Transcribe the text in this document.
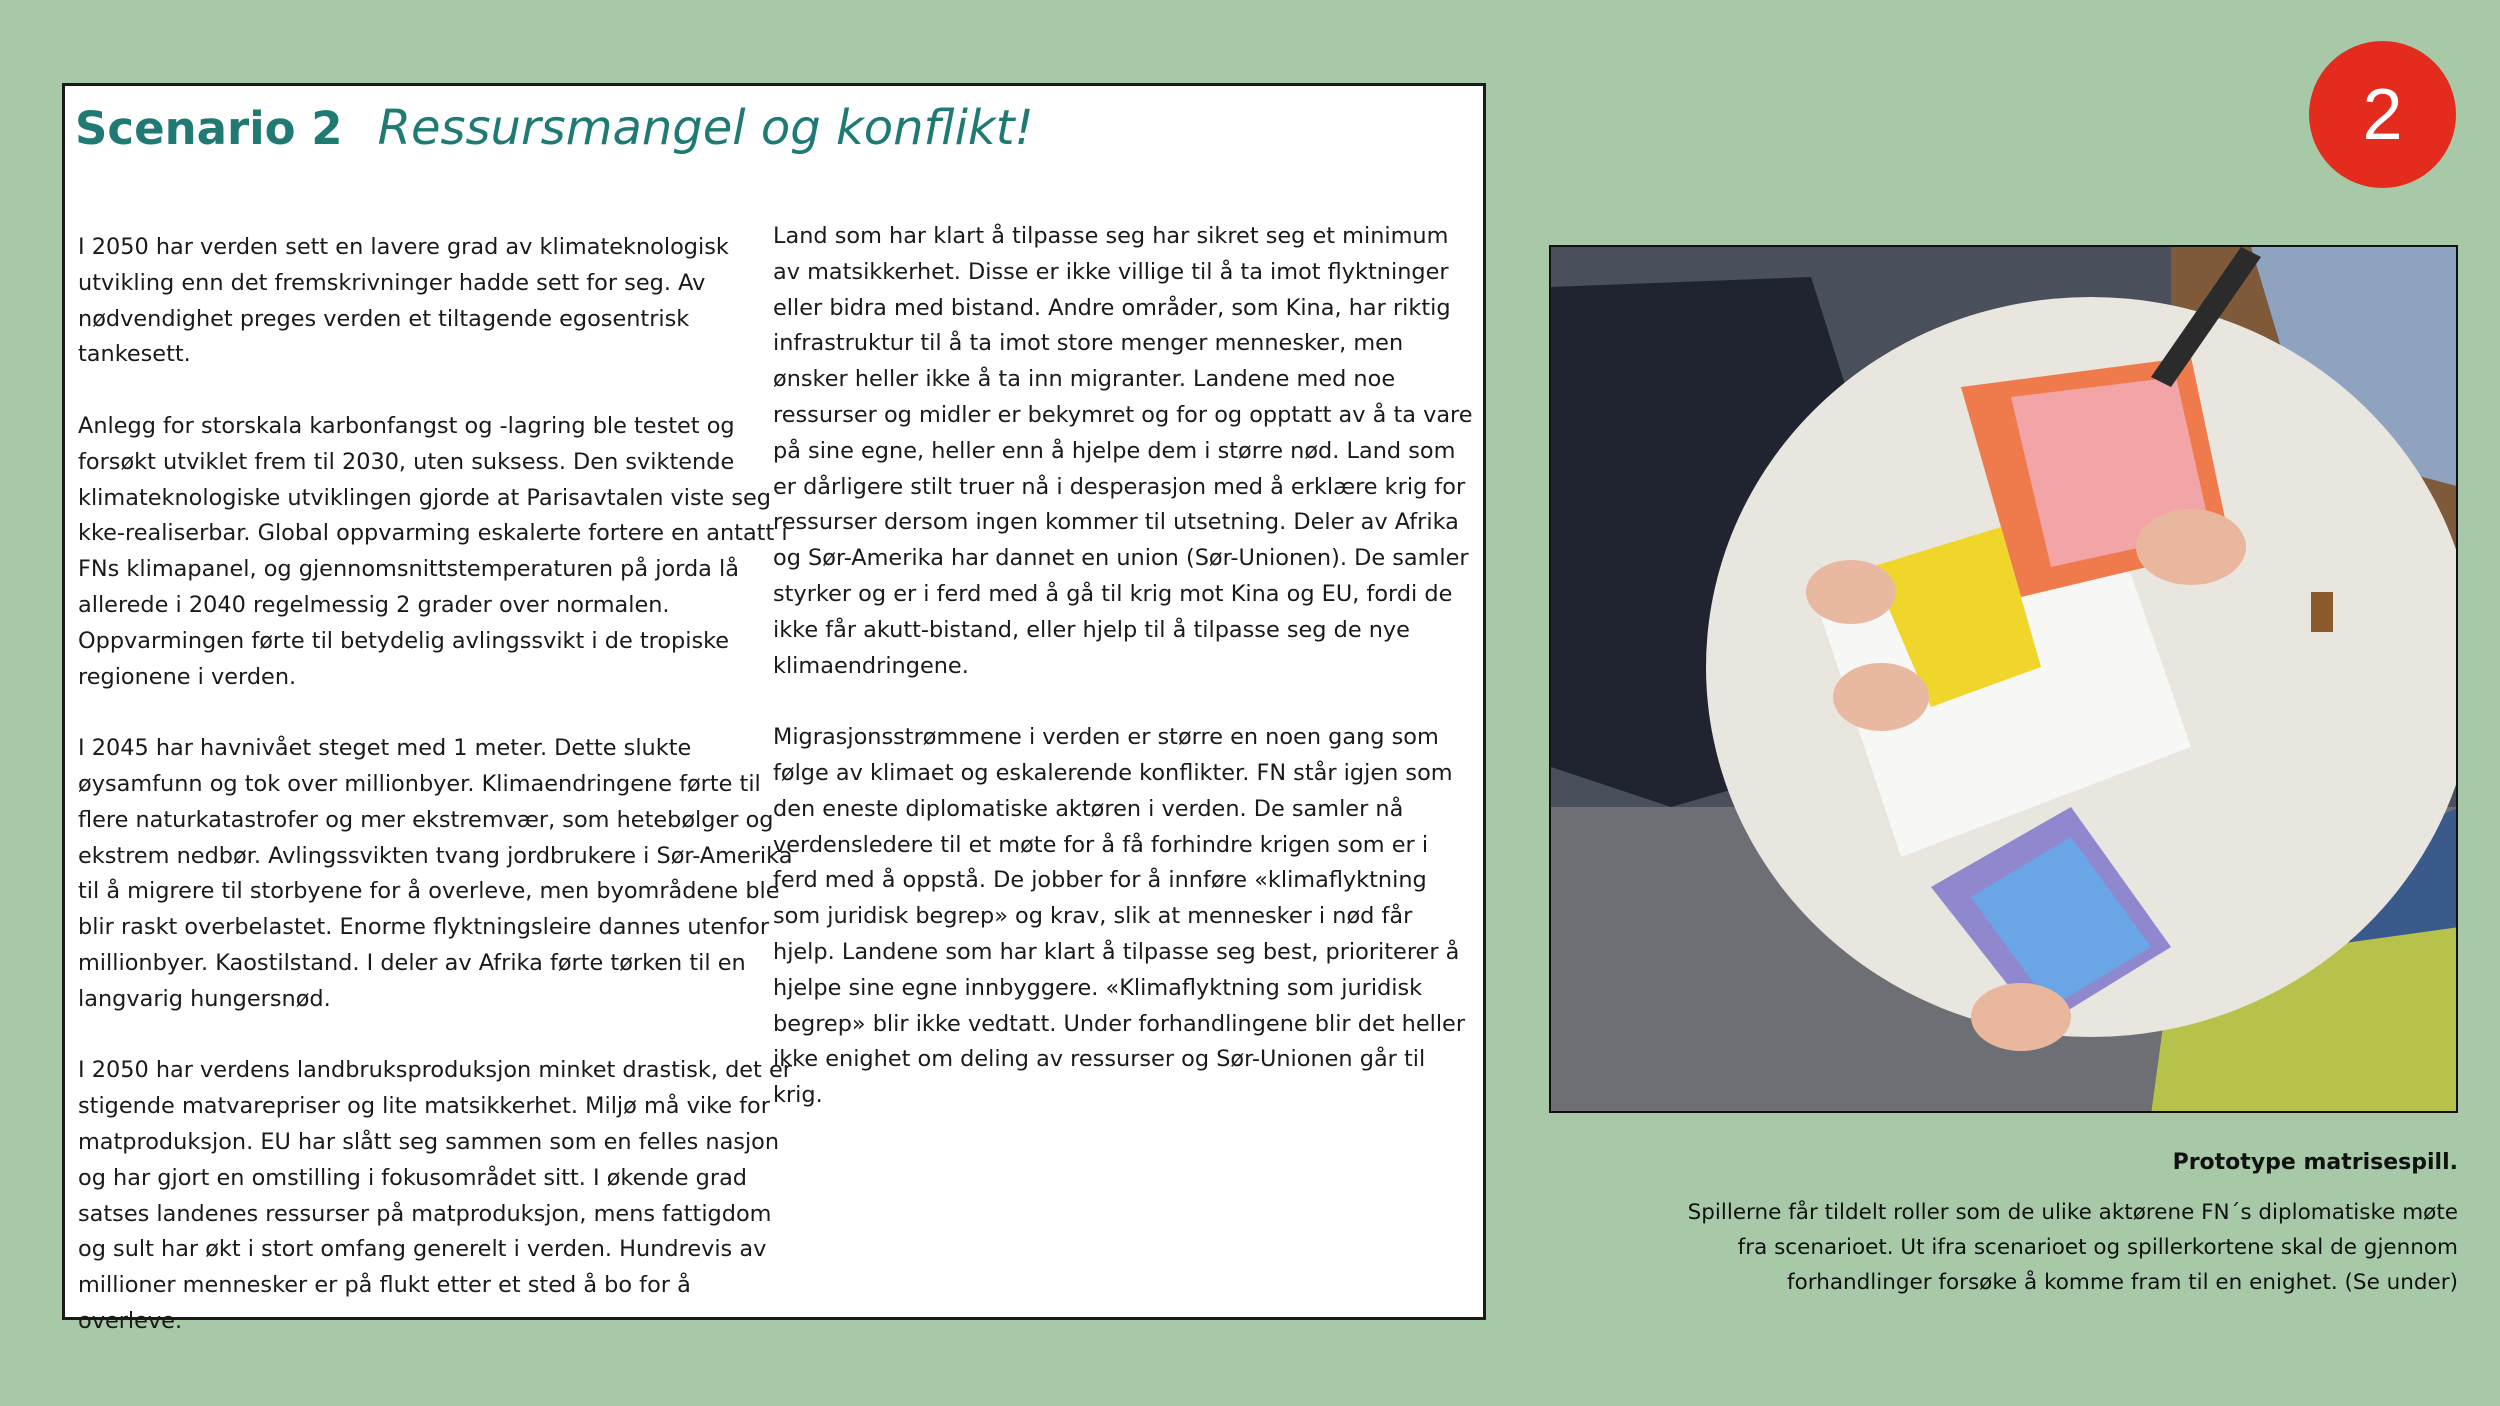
Scenario 2 Ressursmangel og konflikt!

I 2050 har verden sett en lavere grad av klimateknologisk utvikling enn det fremskrivninger hadde sett for seg. Av nødvendighet preges verden et tiltagende egosentrisk tankesett.

Anlegg for storskala karbonfangst og -lagring ble testet og forsøkt utviklet frem til 2030, uten suksess. Den sviktende klimateknologiske utviklingen gjorde at Parisavtalen viste seg kke-realiserbar. Global oppvarming eskalerte fortere en antatt i FNs klimapanel, og gjennomsnittstemperaturen på jorda lå allerede i 2040 regelmessig 2 grader over normalen. Oppvarmingen førte til betydelig avlingssvikt i de tropiske regionene i verden.

I 2045 har havnivået steget med 1 meter. Dette slukte øysamfunn og tok over millionbyer. Klimaendringene førte til flere naturkatastrofer og mer ekstremvær, som hetebølger og ekstrem nedbør. Avlingssvikten tvang jordbrukere i Sør-Amerika til å migrere til storbyene for å overleve, men byområdene ble blir raskt overbelastet. Enorme flyktningsleire dannes utenfor millionbyer. Kaostilstand. I deler av Afrika førte tørken til en langvarig hungersnød.

I 2050 har verdens landbruksproduksjon minket drastisk, det er stigende matvarepriser og lite matsikkerhet. Miljø må vike for matproduksjon. EU har slått seg sammen som en felles nasjon og har gjort en omstilling i fokusområdet sitt. I økende grad satses landenes ressurser på matproduksjon, mens fattigdom og sult har økt i stort omfang generelt i verden. Hundrevis av millioner mennesker er på flukt etter et sted å bo for å overleve.

Land som har klart å tilpasse seg har sikret seg et minimum av matsikkerhet. Disse er ikke villige til å ta imot flyktninger eller bidra med bistand. Andre områder, som Kina, har riktig infrastruktur til å ta imot store menger mennesker, men ønsker heller ikke å ta inn migranter. Landene med noe ressurser og midler er bekymret og for og opptatt av å ta vare på sine egne, heller enn å hjelpe dem i større nød. Land som er dårligere stilt truer nå i desperasjon med å erklære krig for ressurser dersom ingen kommer til utsetning. Deler av Afrika og Sør-Amerika har dannet en union (Sør-Unionen). De samler styrker og er i ferd med å gå til krig mot Kina og EU, fordi de ikke får akutt-bistand, eller hjelp til å tilpasse seg de nye klimaendringene.

Migrasjonsstrømmene i verden er større en noen gang som følge av klimaet og eskalerende konflikter. FN står igjen som den eneste diplomatiske aktøren i verden. De samler nå verdensledere til et møte for å få forhindre krigen som er i ferd med å oppstå. De jobber for å innføre «klimaflyktning som juridisk begrep» og krav, slik at mennesker i nød får hjelp. Landene som har klart å tilpasse seg best, prioriterer å hjelpe sine egne innbyggere. «Klimaflyktning som juridisk begrep» blir ikke vedtatt. Under forhandlingene blir det heller ikke enighet om deling av ressurser og Sør-Unionen går til krig.

2
Prototype matrisespill.
Spillerne får tildelt roller som de ulike aktørene FN´s diplomatiske møte fra scenarioet. Ut ifra scenarioet og spillerkortene skal de gjennom forhandlinger forsøke å komme fram til en enighet. (Se under)
